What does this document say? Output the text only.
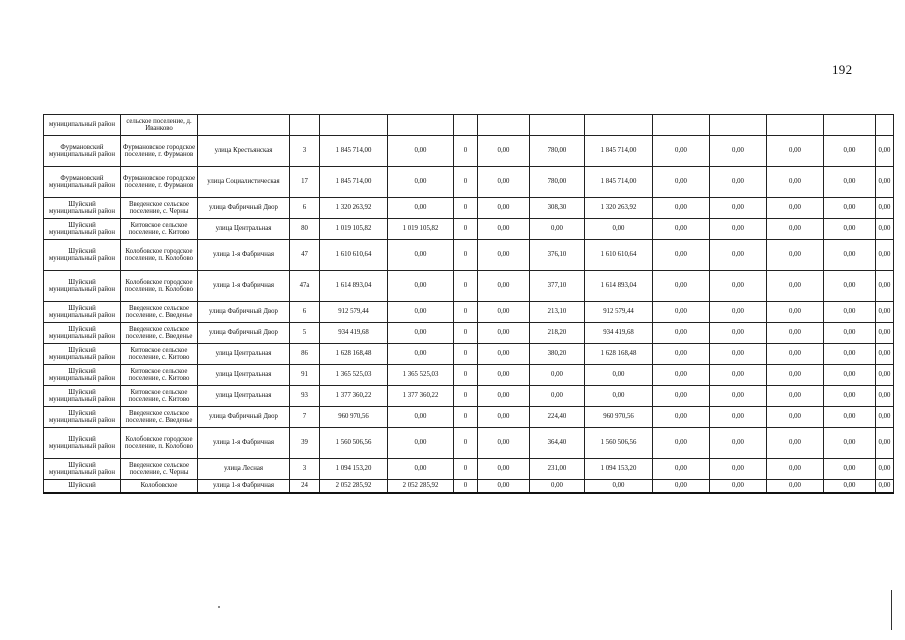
192
муниципальный район	сельское поселение, д. Иванково													
Фурмановский муниципальный район	Фурмановское городское поселение, г. Фурманов	улица Крестьянская	3	1 845 714,00	0,00	0	0,00	780,00	1 845 714,00	0,00	0,00	0,00	0,00	0,00
Фурмановский муниципальный район	Фурмановское городское поселение, г. Фурманов	улица Социалистическая	17	1 845 714,00	0,00	0	0,00	780,00	1 845 714,00	0,00	0,00	0,00	0,00	0,00
Шуйский муниципальный район	Введенское сельское поселение, с. Черны	улица Фабричный Двор	6	1 320 263,92	0,00	0	0,00	308,30	1 320 263,92	0,00	0,00	0,00	0,00	0,00
Шуйский муниципальный район	Китовское сельское поселение, с. Китово	улица Центральная	80	1 019 105,82	1 019 105,82	0	0,00	0,00	0,00	0,00	0,00	0,00	0,00	0,00
Шуйский муниципальный район	Колобовское городское поселение, п. Колобово	улица 1-я Фабричная	47	1 610 610,64	0,00	0	0,00	376,10	1 610 610,64	0,00	0,00	0,00	0,00	0,00
Шуйский муниципальный район	Колобовское городское поселение, п. Колобово	улица 1-я Фабричная	47а	1 614 893,04	0,00	0	0,00	377,10	1 614 893,04	0,00	0,00	0,00	0,00	0,00
Шуйский муниципальный район	Введенское сельское поселение, с. Введенье	улица Фабричный Двор	6	912 579,44	0,00	0	0,00	213,10	912 579,44	0,00	0,00	0,00	0,00	0,00
Шуйский муниципальный район	Введенское сельское поселение, с. Введенье	улица Фабричный Двор	5	934 419,68	0,00	0	0,00	218,20	934 419,68	0,00	0,00	0,00	0,00	0,00
Шуйский муниципальный район	Китовское сельское поселение, с. Китово	улица Центральная	86	1 628 168,48	0,00	0	0,00	380,20	1 628 168,48	0,00	0,00	0,00	0,00	0,00
Шуйский муниципальный район	Китовское сельское поселение, с. Китово	улица Центральная	91	1 365 525,03	1 365 525,03	0	0,00	0,00	0,00	0,00	0,00	0,00	0,00	0,00
Шуйский муниципальный район	Китовское сельское поселение, с. Китово	улица Центральная	93	1 377 360,22	1 377 360,22	0	0,00	0,00	0,00	0,00	0,00	0,00	0,00	0,00
Шуйский муниципальный район	Введенское сельское поселение, с. Введенье	улица Фабричный Двор	7	960 970,56	0,00	0	0,00	224,40	960 970,56	0,00	0,00	0,00	0,00	0,00
Шуйский муниципальный район	Колобовское городское поселение, п. Колобово	улица 1-я Фабричная	39	1 560 506,56	0,00	0	0,00	364,40	1 560 506,56	0,00	0,00	0,00	0,00	0,00
Шуйский муниципальный район	Введенское сельское поселение, с. Черны	улица Лесная	3	1 094 153,20	0,00	0	0,00	231,00	1 094 153,20	0,00	0,00	0,00	0,00	0,00
Шуйский	Колобовское	улица 1-я Фабричная	24	2 052 285,92	2 052 285,92	0	0,00	0,00	0,00	0,00	0,00	0,00	0,00	0,00
